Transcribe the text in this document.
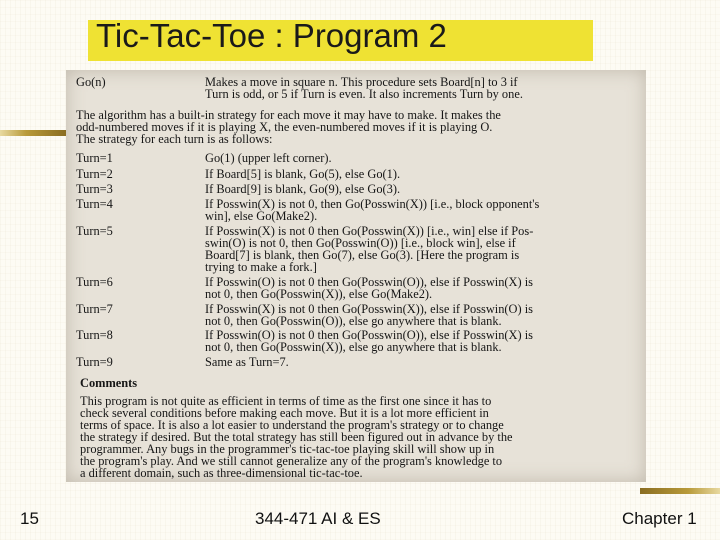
Tic-Tac-Toe : Program 2
Go(n)	Makes a move in square n. This procedure sets Board[n] to 3 if
Turn is odd, or 5 if Turn is even. It also increments Turn by one.
The algorithm has a built-in strategy for each move it may have to make. It makes the
odd-numbered moves if it is playing X, the even-numbered moves if it is playing O.
The strategy for each turn is as follows:
Turn=1	Go(1) (upper left corner).
Turn=2	If Board[5] is blank, Go(5), else Go(1).
Turn=3	If Board[9] is blank, Go(9), else Go(3).
Turn=4	If Posswin(X) is not 0, then Go(Posswin(X)) [i.e., block opponent's
win], else Go(Make2).
Turn=5	If Posswin(X) is not 0 then Go(Posswin(X)) [i.e., win] else if Pos-
swin(O) is not 0, then Go(Posswin(O)) [i.e., block win], else if
Board[7] is blank, then Go(7), else Go(3). [Here the program is
trying to make a fork.]
Turn=6	If Posswin(O) is not 0 then Go(Posswin(O)), else if Posswin(X) is
not 0, then Go(Posswin(X)), else Go(Make2).
Turn=7	If Posswin(X) is not 0 then Go(Posswin(X)), else if Posswin(O) is
not 0, then Go(Posswin(O)), else go anywhere that is blank.
Turn=8	If Posswin(O) is not 0 then Go(Posswin(O)), else if Posswin(X) is
not 0, then Go(Posswin(X)), else go anywhere that is blank.
Turn=9	Same as Turn=7.
Comments
This program is not quite as efficient in terms of time as the first one since it has to
check several conditions before making each move. But it is a lot more efficient in
terms of space. It is also a lot easier to understand the program's strategy or to change
the strategy if desired. But the total strategy has still been figured out in advance by the
programmer. Any bugs in the programmer's tic-tac-toe playing skill will show up in
the program's play. And we still cannot generalize any of the program's knowledge to
a different domain, such as three-dimensional tic-tac-toe.
15	344-471 AI & ES	Chapter 1
